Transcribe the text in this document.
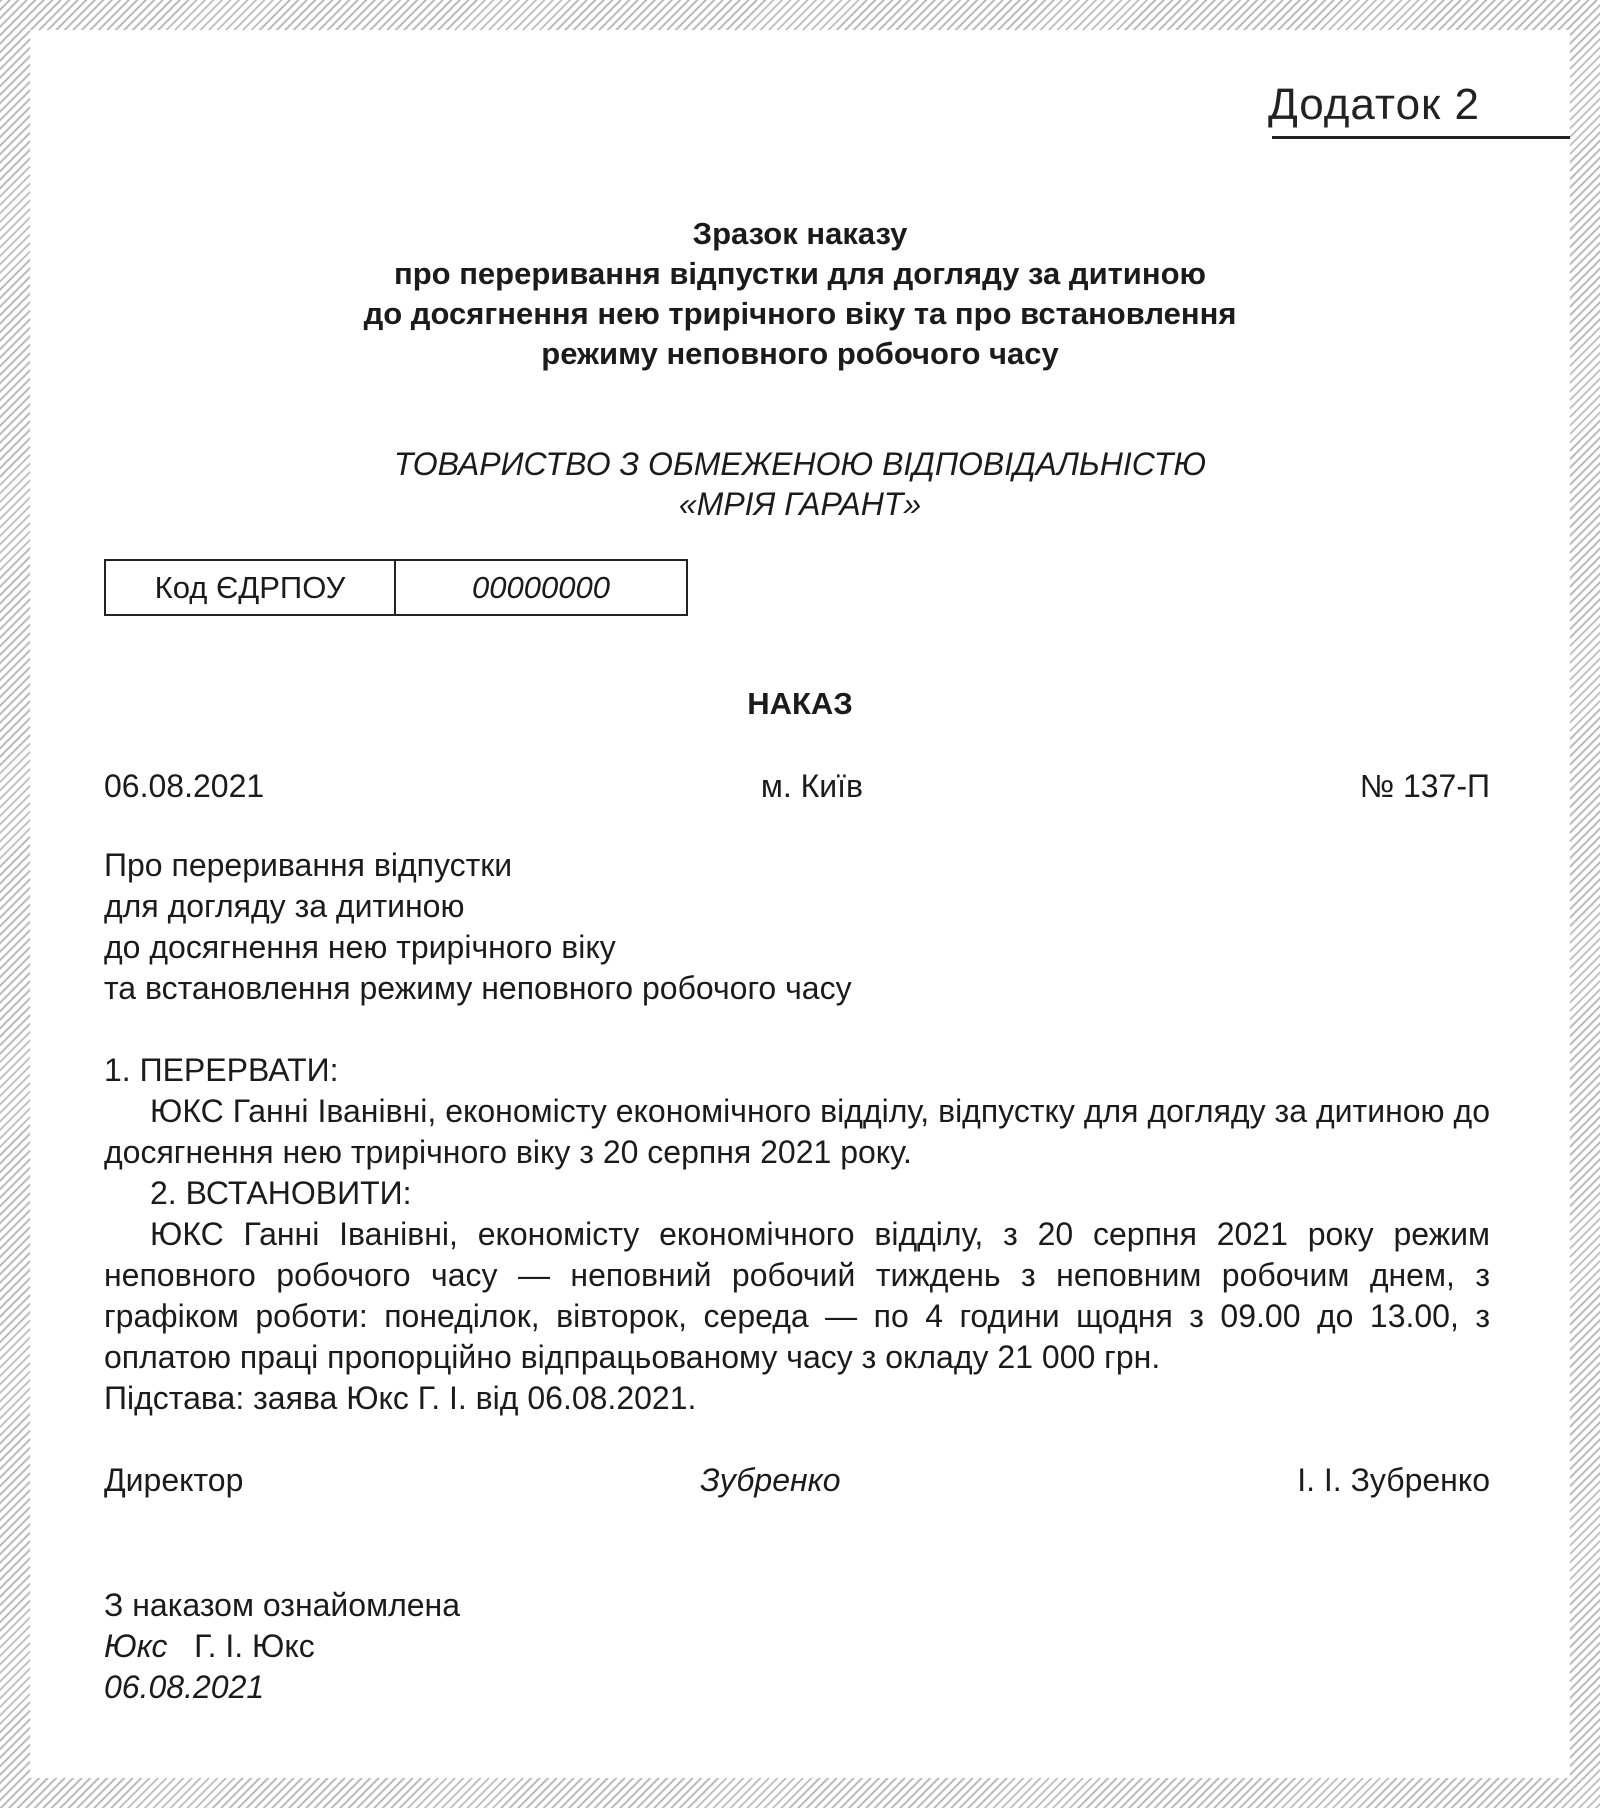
Додаток 2
Зразок наказу
про переривання відпустки для догляду за дитиною
до досягнення нею трирічного віку та про встановлення
режиму неповного робочого часу
ТОВАРИСТВО З ОБМЕЖЕНОЮ ВІДПОВІДАЛЬНІСТЮ
«МРІЯ ГАРАНТ»
Код ЄДРПОУ	00000000
НАКАЗ
06.08.2021	м. Київ	№ 137-П
Про переривання відпустки
для догляду за дитиною
до досягнення нею трирічного віку
та встановлення режиму неповного робочого часу

1. ПЕРЕРВАТИ:

ЮКС Ганні Іванівні, економісту економічного відділу, відпустку для догляду за дитиною до досягнення нею трирічного віку з 20 серпня 2021 року.

2. ВСТАНОВИТИ:

ЮКС Ганні Іванівні, економісту економічного відділу, з 20 серпня 2021 року режим неповного робочого часу — неповний робочий тиждень з неповним робочим днем, з графіком роботи: понеділок, вівторок, середа — по 4 години щодня з 09.00 до 13.00, з оплатою праці пропорційно відпрацьованому часу з окладу 21 000 грн.

Підстава: заява Юкс Г. І. від 06.08.2021.

Директор	Зубренко	І. І. Зубренко
З наказом ознайомлена
Юкс Г. І. Юкс
06.08.2021
